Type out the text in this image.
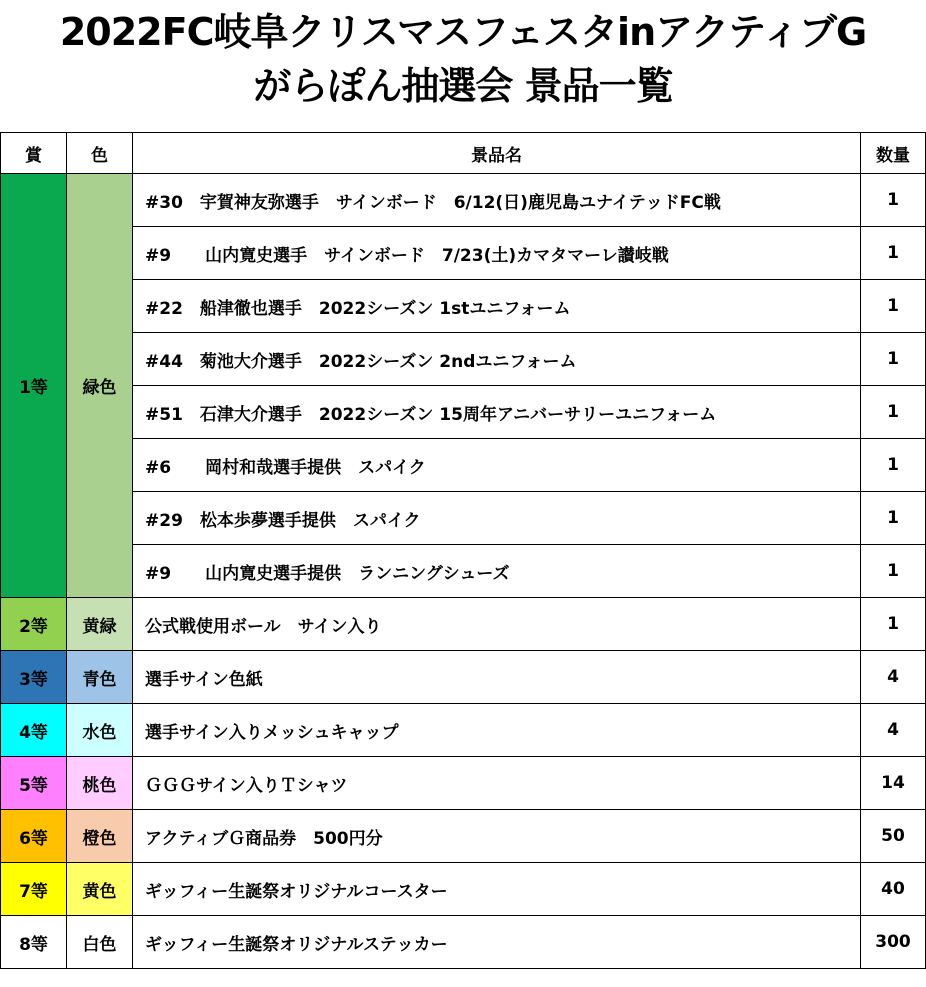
2022FC岐阜クリスマスフェスタinアクティブG
がらぽん抽選会 景品一覧
賞	色	景品名	数量
1等	緑色	#30　宇賀神友弥選手　サインボード　6/12(日)鹿児島ユナイテッドFC戦	1
		#9　　山内寛史選手　サインボード　7/23(土)カマタマーレ讃岐戦	1
		#22　船津徹也選手　2022シーズン 1stユニフォーム	1
		#44　菊池大介選手　2022シーズン 2ndユニフォーム	1
		#51　石津大介選手　2022シーズン 15周年アニバーサリーユニフォーム	1
		#6　　岡村和哉選手提供　スパイク	1
		#29　松本歩夢選手提供　スパイク	1
		#9　　山内寛史選手提供　ランニングシューズ	1
2等	黄緑	公式戦使用ボール　サイン入り	1
3等	青色	選手サイン色紙	4
4等	水色	選手サイン入りメッシュキャップ	4
5等	桃色	ＧＧＧサイン入りＴシャツ	14
6等	橙色	アクティブＧ商品券　500円分	50
7等	黄色	ギッフィー生誕祭オリジナルコースター	40
8等	白色	ギッフィー生誕祭オリジナルステッカー	300
